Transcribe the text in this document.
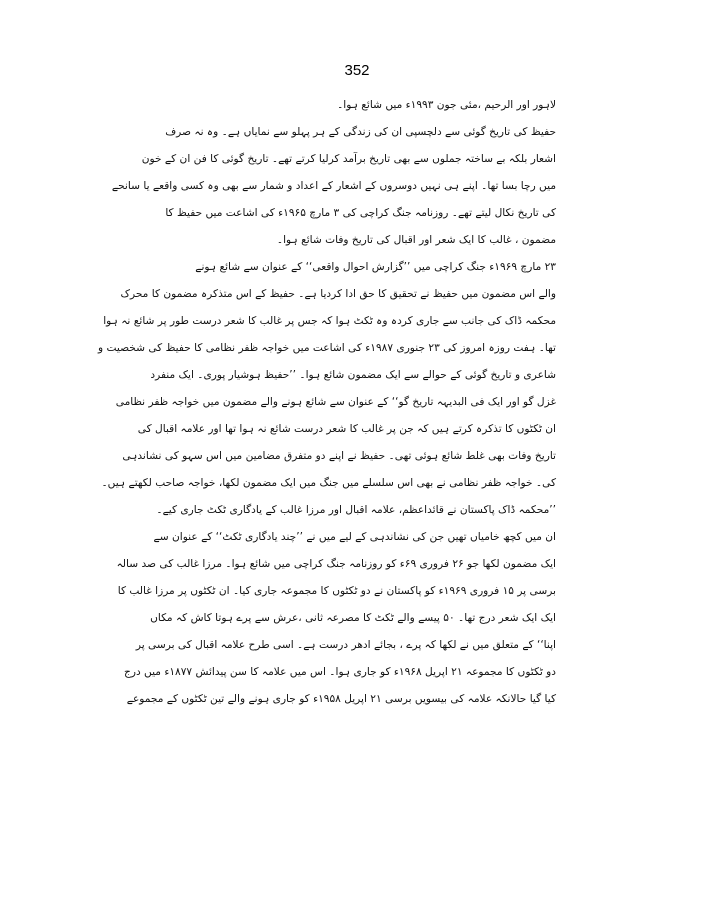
352
لاہور اور الرحیم ،مئی جون ۱۹۹۳ء میں شائع ہوا۔
حفیظ کی تاریخ گوئی سے دلچسپی ان کی زندگی کے ہر پہلو سے نمایاں ہے۔ وہ نہ صرف
اشعار بلکہ بے ساختہ جملوں سے بھی تاریخ برآمد کرلیا کرتے تھے۔ تاریخ گوئی کا فن ان کے خون
میں رچا بسا تھا۔ اپنے ہی نہیں دوسروں کے اشعار کے اعداد و شمار سے بھی وہ کسی واقعے یا سانحے
کی تاریخ نکال لیتے تھے۔ روزنامہ جنگ کراچی کی ۳ مارچ ۱۹۶۵ء کی اشاعت میں حفیظ کا
مضمون ، غالب کا ایک شعر اور اقبال کی تاریخ وفات شائع ہوا۔
۲۳ مارچ ۱۹۶۹ء جنگ کراچی میں ’’گزارش احوال واقعی‘‘ کے عنوان سے شائع ہونے
والے اس مضمون میں حفیظ نے تحقیق کا حق ادا کردیا ہے۔ حفیظ کے اس متذکرہ مضمون کا محرک
محکمہ ڈاک کی جانب سے جاری کردہ وہ ٹکٹ ہوا کہ جس پر غالب کا شعر درست طور پر شائع نہ ہوا
تھا۔ ہفت روزہ امروز کی ۲۳ جنوری ۱۹۸۷ء کی اشاعت میں خواجہ ظفر نظامی کا حفیظ کی شخصیت و
شاعری و تاریخ گوئی کے حوالے سے ایک مضمون شائع ہوا۔ ’’حفیظ ہوشیار پوری۔ ایک منفرد
غزل گو اور ایک فی البدیہہ تاریخ گو‘‘ کے عنوان سے شائع ہونے والے مضمون میں خواجہ ظفر نظامی
ان ٹکٹوں کا تذکرہ کرتے ہیں کہ جن پر غالب کا شعر درست شائع نہ ہوا تھا اور علامہ اقبال کی
تاریخ وفات بھی غلط شائع ہوئی تھی۔ حفیظ نے اپنے دو متفرق مضامین میں اس سہو کی نشاندہی
کی۔ خواجہ ظفر نظامی نے بھی اس سلسلے میں جنگ میں ایک مضمون لکھا، خواجہ صاحب لکھتے ہیں۔
’’محکمہ ڈاک پاکستان نے قائداعظم، علامہ اقبال اور مرزا غالب کے یادگاری ٹکٹ جاری کیے۔
ان میں کچھ خامیاں تھیں جن کی نشاندہی کے لیے میں نے ’’چند یادگاری ٹکٹ‘‘ کے عنوان سے
ایک مضمون لکھا جو ۲۶ فروری ۶۹ء کو روزنامہ جنگ کراچی میں شائع ہوا۔ مرزا غالب کی صد سالہ
برسی پر ۱۵ فروری ۱۹۶۹ء کو پاکستان نے دو ٹکٹوں کا مجموعہ جاری کیا۔ ان ٹکٹوں پر مرزا غالب کا
ایک ایک شعر درج تھا۔ ۵۰ پیسے والے ٹکٹ کا مصرعہ ثانی ،عرش سے پرے ہوتا کاش کہ مکاں
اپنا‘‘ کے متعلق میں نے لکھا کہ پرے ، بجائے ادھر درست ہے۔ اسی طرح علامہ اقبال کی برسی پر
دو ٹکٹوں کا مجموعہ ۲۱ اپریل ۱۹۶۸ء کو جاری ہوا۔ اس میں علامہ کا سن پیدائش ۱۸۷۷ء میں درج
کیا گیا حالانکہ علامہ کی بیسویں برسی ۲۱ اپریل ۱۹۵۸ء کو جاری ہونے والے تین ٹکٹوں کے مجموعے
